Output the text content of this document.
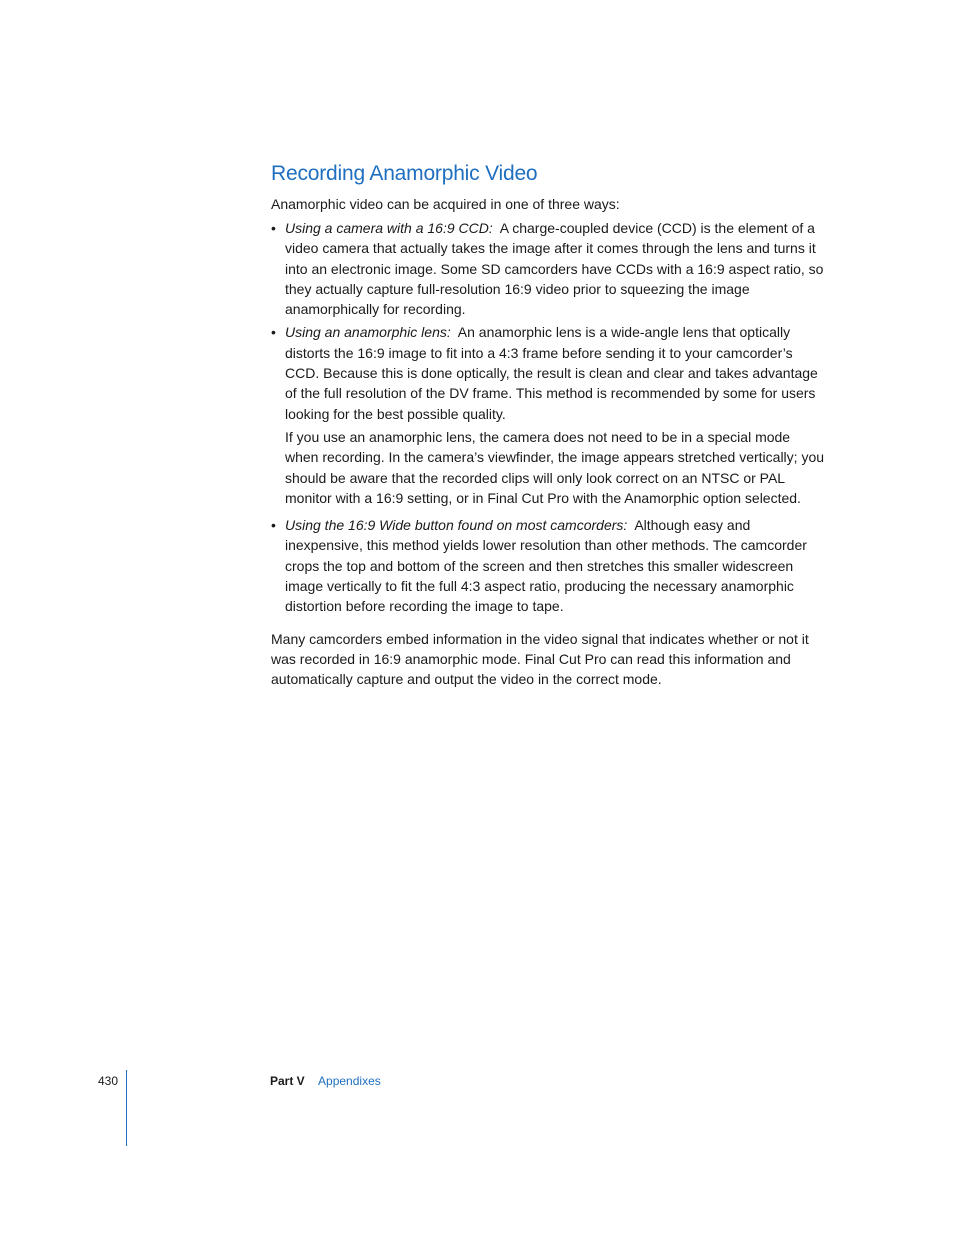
Recording Anamorphic Video

Anamorphic video can be acquired in one of three ways:

• Using a camera with a 16:9 CCD: A charge-coupled device (CCD) is the element of a video camera that actually takes the image after it comes through the lens and turns it into an electronic image. Some SD camcorders have CCDs with a 16:9 aspect ratio, so they actually capture full-resolution 16:9 video prior to squeezing the image anamorphically for recording.
• Using an anamorphic lens: An anamorphic lens is a wide-angle lens that optically distorts the 16:9 image to fit into a 4:3 frame before sending it to your camcorder’s CCD. Because this is done optically, the result is clean and clear and takes advantage of the full resolution of the DV frame. This method is recommended by some for users looking for the best possible quality.

If you use an anamorphic lens, the camera does not need to be in a special mode when recording. In the camera’s viewfinder, the image appears stretched vertically; you should be aware that the recorded clips will only look correct on an NTSC or PAL monitor with a 16:9 setting, or in Final Cut Pro with the Anamorphic option selected.

• Using the 16:9 Wide button found on most camcorders: Although easy and inexpensive, this method yields lower resolution than other methods. The camcorder crops the top and bottom of the screen and then stretches this smaller widescreen image vertically to fit the full 4:3 aspect ratio, producing the necessary anamorphic distortion before recording the image to tape.

Many camcorders embed information in the video signal that indicates whether or not it was recorded in 16:9 anamorphic mode. Final Cut Pro can read this information and automatically capture and output the video in the correct mode.

430	Part V Appendixes
